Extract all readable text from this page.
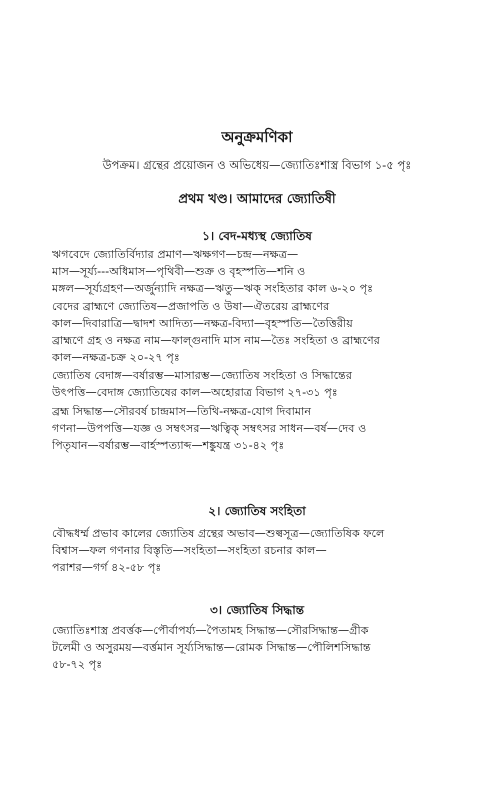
অনুক্রমণিকা
উপক্রম। গ্রন্থের প্রয়োজন ও অভিধেয়—জ্যোতিঃশাস্ত্র বিভাগ ১-৫ পৃঃ
প্রথম খণ্ড। আমাদের জ্যোতিষী
১। বেদ-মধ্যস্থ জ্যোতিষ
ঋগবেদে জ্যোতির্বিদ্যার প্রমাণ—ঋক্ষগণ—চন্দ্র—নক্ষত্র—
মাস—সূর্য্য---অধিমাস—পৃথিবী—শুক্র ও বৃহস্পতি—শনি ও
মঙ্গল—সূর্য্যগ্রহণ—অর্জুন্যাদি নক্ষত্র—ঋতু—ঋক্‌ সংহিতার কাল ৬-২০ পৃঃ
বেদের ব্রাহ্মণে জ্যোতিষ—প্রজাপতি ও উষা—ঐতরেয় ব্রাহ্মণের
কাল—দিবারাত্রি—দ্বাদশ আদিত্য—নক্ষত্র-বিদ্যা—বৃহস্পতি—তৈত্তিরীয়
ব্রাহ্মণে গ্রহ ও নক্ষত্র নাম—ফাল্গুনাদি মাস নাম—তৈঃ সংহিতা ও ব্রাহ্মণের
কাল—নক্ষত্র-চক্র ২০-২৭ পৃঃ
জ্যোতিষ বেদাঙ্গ—বর্ষারম্ভ—মাসারম্ভ—জ্যোতিষ সংহিতা ও সিদ্ধান্তের
উৎপত্তি—বেদাঙ্গ জ্যোতিষের কাল—অহোরাত্র বিভাগ ২৭-৩১ পৃঃ
ব্রহ্ম সিদ্ধান্ত—সৌরবর্ষ চান্দ্রমাস—তিথি-নক্ষত্র-যোগ দিবামান
গণনা—উপপত্তি—যজ্ঞ ও সম্বৎসর—ঋত্বিক্‌ সম্বৎসর সাধন—বর্ষ—দেব ও
পিতৃযান—বর্ষারম্ভ—বার্হস্পত্যাব্দ—শঙ্কুযন্ত্র ৩১-৪২ পৃঃ
২। জ্যোতিষ সংহিতা
বৌদ্ধধর্ম্ম প্রভাব কালের জ্যোতিষ গ্রন্থের অভাব—শুল্বসূত্র—জ্যোতিষিক ফলে
বিশ্বাস—ফল গণনার বিস্তৃতি—সংহিতা—সংহিতা রচনার কাল—
পরাশর—গর্গ ৪২-৫৮ পৃঃ
৩। জ্যোতিষ সিদ্ধান্ত
জ্যোতিঃশাস্ত্র প্রবর্ত্তক—পৌর্বাপর্য্য—পৈতামহ সিদ্ধান্ত—সৌরসিদ্ধান্ত—গ্রীক
টলেমী ও অসুরময়—বর্ত্তমান সূর্য্যসিদ্ধান্ত—রোমক সিদ্ধান্ত—পৌলিশসিদ্ধান্ত
৫৮-৭২ পৃঃ
